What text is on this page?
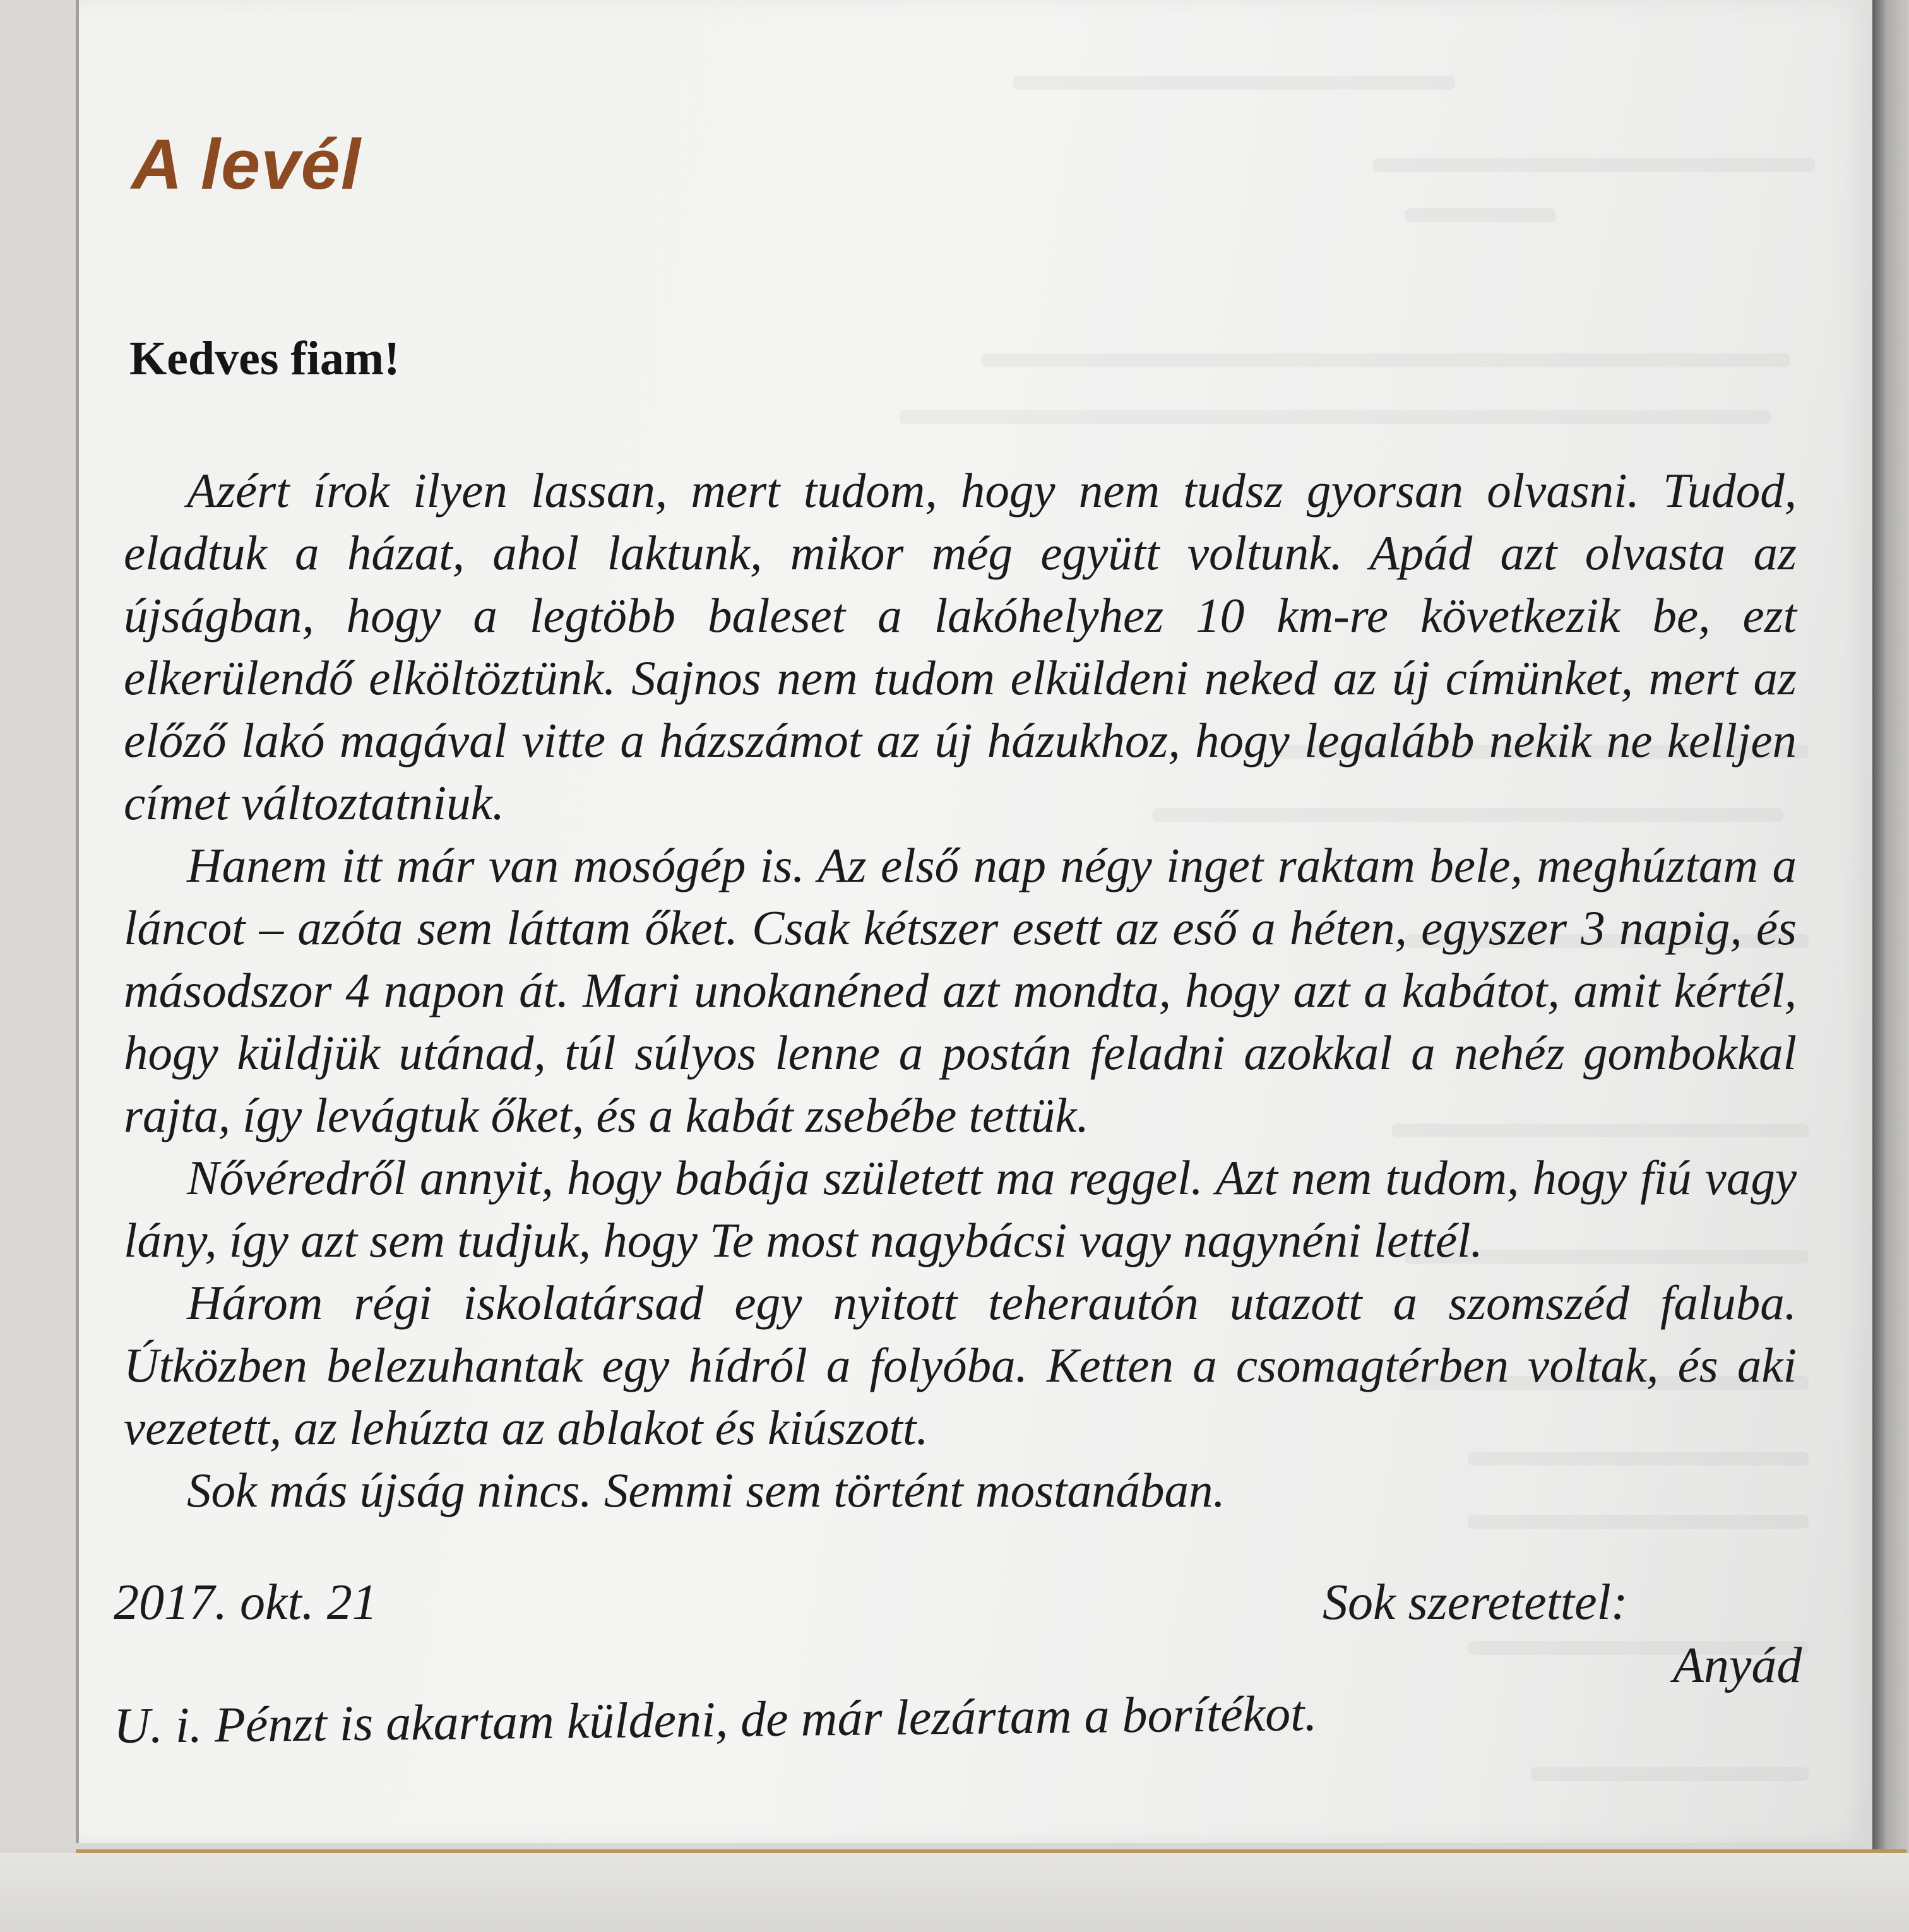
A levél

Kedves fiam!

Azért írok ilyen lassan, mert tudom, hogy nem tudsz gyorsan olvasni. Tudod, eladtuk a házat, ahol laktunk, mikor még együtt voltunk. Apád azt olvasta az újságban, hogy a legtöbb baleset a lakóhelyhez 10 km-re következik be, ezt elkerülendő elköltöztünk. Sajnos nem tudom elküldeni neked az új címünket, mert az előző lakó magával vitte a házszámot az új házukhoz, hogy legalább nekik ne kelljen címet változtatniuk.

Hanem itt már van mosógép is. Az első nap négy inget raktam bele, meghúztam a láncot – azóta sem láttam őket. Csak kétszer esett az eső a héten, egyszer 3 napig, és másodszor 4 napon át. Mari unokanéned azt mondta, hogy azt a kabátot, amit kértél, hogy küldjük utánad, túl súlyos lenne a postán feladni azokkal a nehéz gombokkal rajta, így levágtuk őket, és a kabát zsebébe tettük.

Nővéredről annyit, hogy babája született ma reggel. Azt nem tudom, hogy fiú vagy lány, így azt sem tudjuk, hogy Te most nagybácsi vagy nagynéni lettél.

Három régi iskolatársad egy nyitott teherautón utazott a szomszéd faluba. Útközben belezuhantak egy hídról a folyóba. Ketten a csomagtérben voltak, és aki vezetett, az lehúzta az ablakot és kiúszott.

Sok más újság nincs. Semmi sem történt mostanában.

2017. okt. 21	Sok szeretettel:

Anyád

U. i. Pénzt is akartam küldeni, de már lezártam a borítékot.
